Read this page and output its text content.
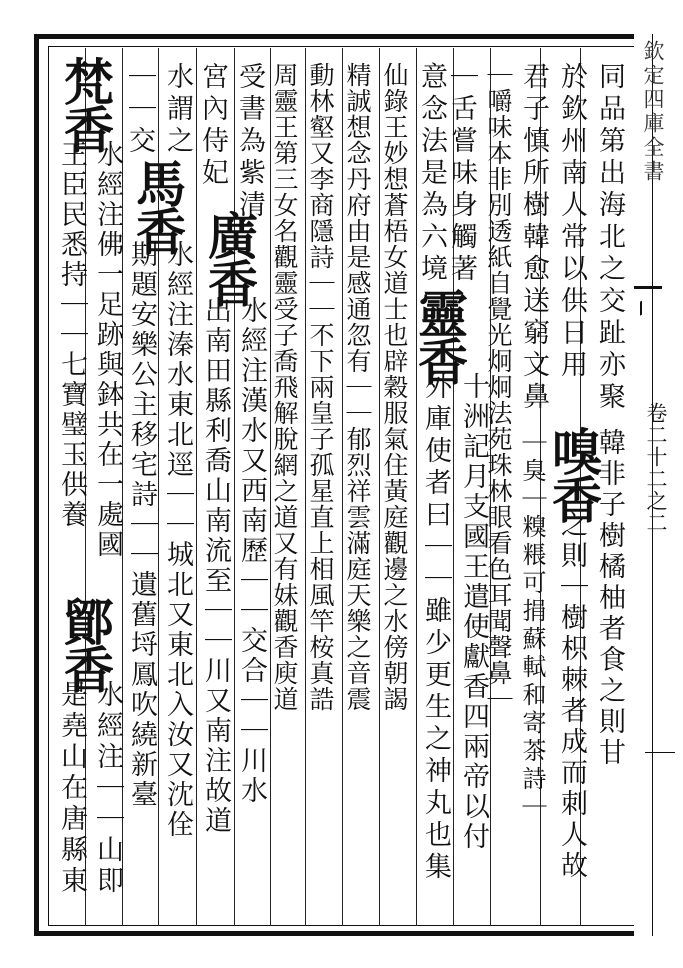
欽定四庫全書
卷二十二之二
同品第出海北之交趾亦聚
於欽州南人常以供日用
嗅香
韓非子樹橘柚者食之則甘
君子慎所樹韓愈送窮文鼻
｜臭｜糗粻可捐蘇軾和寄茶詩｜ 之則｜樹枳棘者成而刺人故
｜嚼味本非別透紙自覺光炯炯法苑珠林眼看色耳聞聲鼻｜
仙錄王妙想蒼梧女道士也辟穀服氣住黃庭觀邊之水傍朝謁
精誠想念丹府由是感通忽有｜｜郁烈祥雲滿庭天樂之音震	｜舌嘗味身觸著
靈香
十洲記月支國王遣使獻香四兩帝以付
意念法是為六境
外庫使者曰｜｜雖少更生之神丸也集
動林壑又李商隱詩｜｜不下兩皇子孤星直上相風竿桉真誥
周靈王第三女名觀靈受子喬飛解脫網之道又有妹觀香庾道
受書為紫清
廣香
水經注漢水又西南歷｜｜交合｜｜川水
宮內侍妃
出南田縣利喬山南流至｜｜川又南注故道
水謂之
馬香
水經注溱水東北逕｜｜城北又東北入汝又沈佺
｜｜交
期題安樂公主移宅詩｜｜遺舊埒鳳吹繞新臺
梵香
水經注佛一足跡與鉢共在一處國
王臣民悉持｜｜七寶璧玉供養
鄮香
水經注｜｜山即
是堯山在唐縣東
